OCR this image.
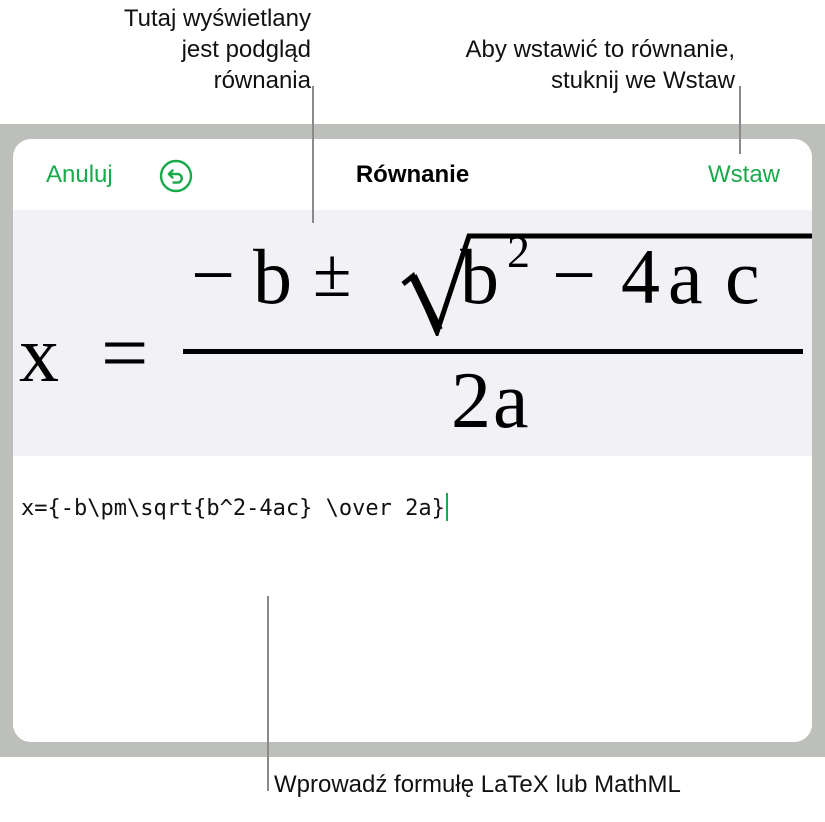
Tutaj wyświetlany
jest podgląd
równania
Aby wstawić to równanie,
stuknij we Wstaw
Anuluj	Równanie	Wstaw
x =
− b ± b 2 − 4 a c
2 a
x={-b\pm\sqrt{b^2-4ac} \over 2a}
Wprowadź formułę LaTeX lub MathML
